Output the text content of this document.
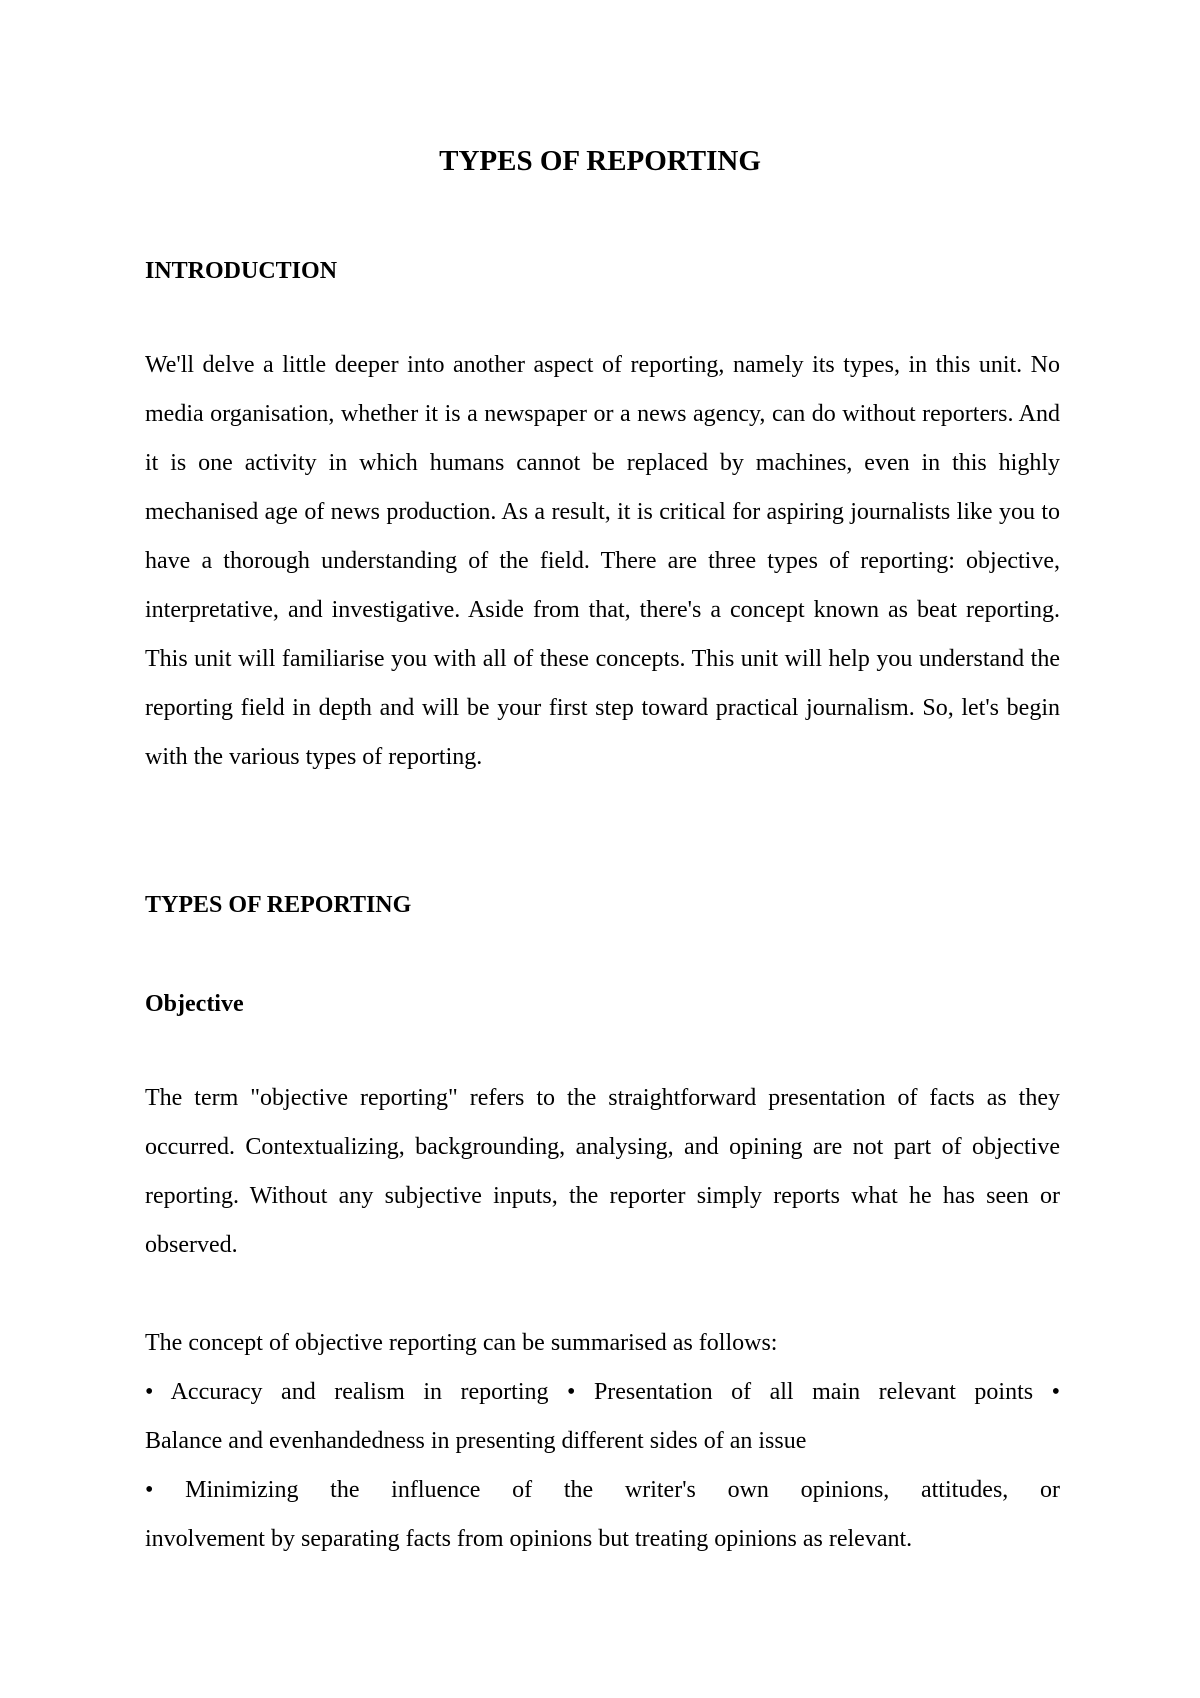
TYPES OF REPORTING
INTRODUCTION

We'll delve a little deeper into another aspect of reporting, namely its types, in this unit. No media organisation, whether it is a newspaper or a news agency, can do without reporters. And it is one activity in which humans cannot be replaced by machines, even in this highly mechanised age of news production. As a result, it is critical for aspiring journalists like you to have a thorough understanding of the field. There are three types of reporting: objective, interpretative, and investigative. Aside from that, there's a concept known as beat reporting. This unit will familiarise you with all of these concepts. This unit will help you understand the reporting field in depth and will be your first step toward practical journalism. So, let's begin with the various types of reporting.

TYPES OF REPORTING
Objective

The term "objective reporting" refers to the straightforward presentation of facts as they occurred. Contextualizing, backgrounding, analysing, and opining are not part of objective reporting. Without any subjective inputs, the reporter simply reports what he has seen or observed.

The concept of objective reporting can be summarised as follows:
• Accuracy and realism in reporting • Presentation of all main relevant points •
Balance and evenhandedness in presenting different sides of an issue
• Minimizing the influence of the writer's own opinions, attitudes, or
involvement by separating facts from opinions but treating opinions as relevant.
